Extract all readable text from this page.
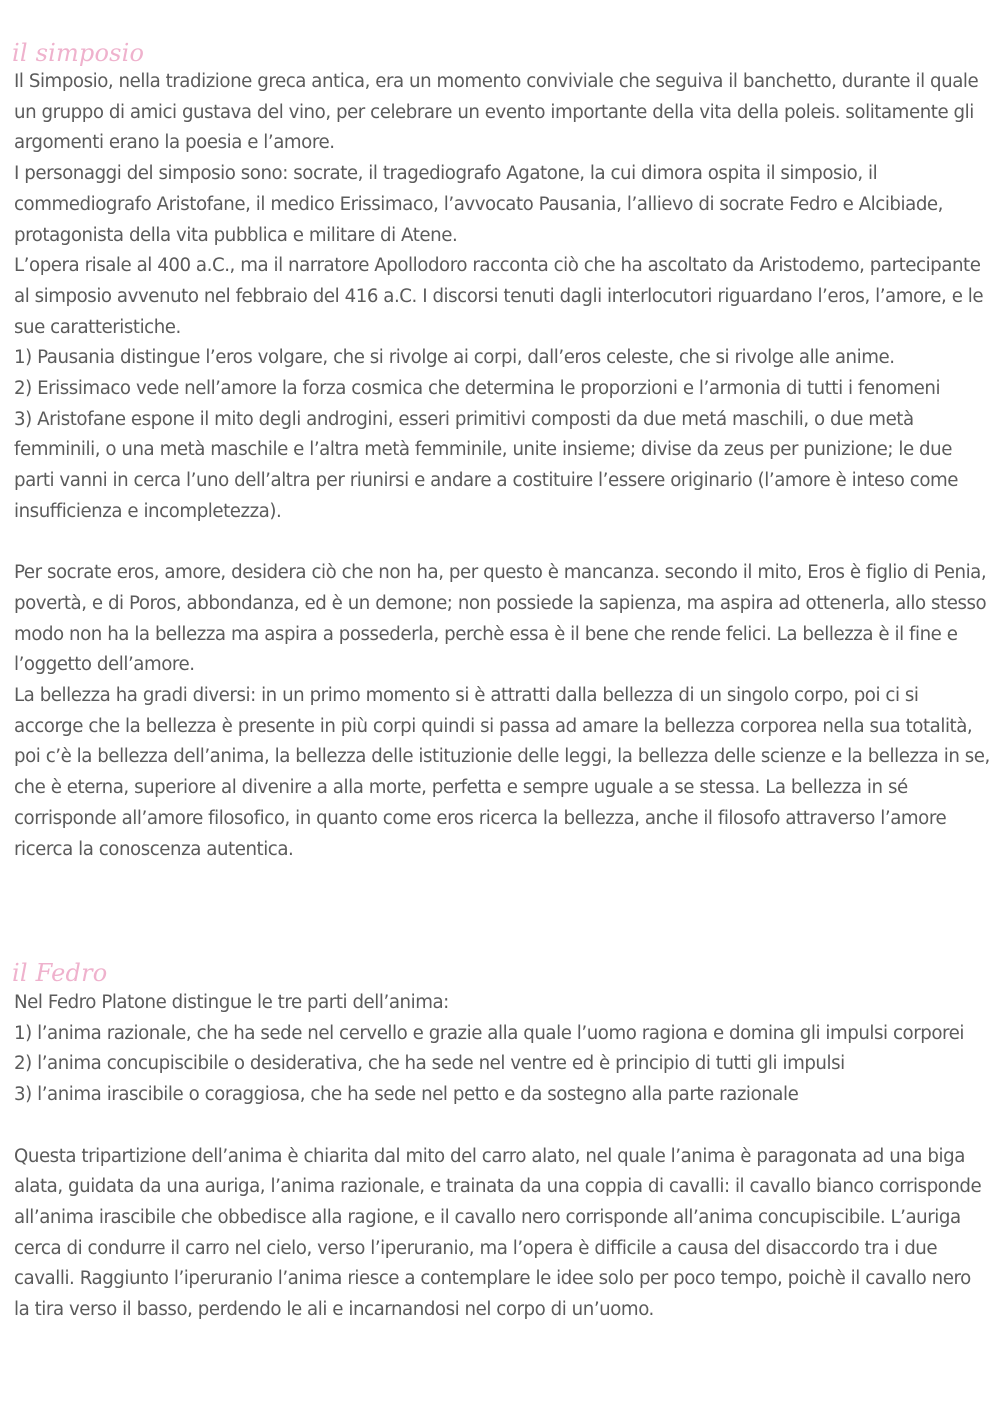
il simposio

Il Simposio, nella tradizione greca antica, era un momento conviviale che seguiva il banchetto, durante il quale un gruppo di amici gustava del vino, per celebrare un evento importante della vita della poleis. solitamente gli argomenti erano la poesia e l’amore.

I personaggi del simposio sono: socrate, il tragediografo Agatone, la cui dimora ospita il simposio, il commediografo Aristofane, il medico Erissimaco, l’avvocato Pausania, l’allievo di socrate Fedro e Alcibiade, protagonista della vita pubblica e militare di Atene.

L’opera risale al 400 a.C., ma il narratore Apollodoro racconta ciò che ha ascoltato da Aristodemo, partecipante al simposio avvenuto nel febbraio del 416 a.C. I discorsi tenuti dagli interlocutori riguardano l’eros, l’amore, e le sue caratteristiche.

1) Pausania distingue l’eros volgare, che si rivolge ai corpi, dall’eros celeste, che si rivolge alle anime.

2) Erissimaco vede nell’amore la forza cosmica che determina le proporzioni e l’armonia di tutti i fenomeni

3) Aristofane espone il mito degli androgini, esseri primitivi composti da due metá maschili, o due metà femminili, o una metà maschile e l’altra metà femminile, unite insieme; divise da zeus per punizione; le due parti vanni in cerca l’uno dell’altra per riunirsi e andare a costituire l’essere originario (l’amore è inteso come insufficienza e incompletezza).

Per socrate eros, amore, desidera ciò che non ha, per questo è mancanza. secondo il mito, Eros è figlio di Penia, povertà, e di Poros, abbondanza, ed è un demone; non possiede la sapienza, ma aspira ad ottenerla, allo stesso modo non ha la bellezza ma aspira a possederla, perchè essa è il bene che rende felici. La bellezza è il fine e l’oggetto dell’amore.

La bellezza ha gradi diversi: in un primo momento si è attratti dalla bellezza di un singolo corpo, poi ci si accorge che la bellezza è presente in più corpi quindi si passa ad amare la bellezza corporea nella sua totalità, poi c’è la bellezza dell’anima, la bellezza delle istituzionie delle leggi, la bellezza delle scienze e la bellezza in se, che è eterna, superiore al divenire a alla morte, perfetta e sempre uguale a se stessa. La bellezza in sé corrisponde all’amore filosofico, in quanto come eros ricerca la bellezza, anche il filosofo attraverso l’amore ricerca la conoscenza autentica.

il Fedro

Nel Fedro Platone distingue le tre parti dell’anima:

1) l’anima razionale, che ha sede nel cervello e grazie alla quale l’uomo ragiona e domina gli impulsi corporei

2) l’anima concupiscibile o desiderativa, che ha sede nel ventre ed è principio di tutti gli impulsi

3) l’anima irascibile o coraggiosa, che ha sede nel petto e da sostegno alla parte razionale

Questa tripartizione dell’anima è chiarita dal mito del carro alato, nel quale l’anima è paragonata ad una biga alata, guidata da una auriga, l’anima razionale, e trainata da una coppia di cavalli: il cavallo bianco corrisponde all’anima irascibile che obbedisce alla ragione, e il cavallo nero corrisponde all’anima concupiscibile. L’auriga cerca di condurre il carro nel cielo, verso l’iperuranio, ma l’opera è difficile a causa del disaccordo tra i due cavalli. Raggiunto l’iperuranio l’anima riesce a contemplare le idee solo per poco tempo, poichè il cavallo nero la tira verso il basso, perdendo le ali e incarnandosi nel corpo di un’uomo.
